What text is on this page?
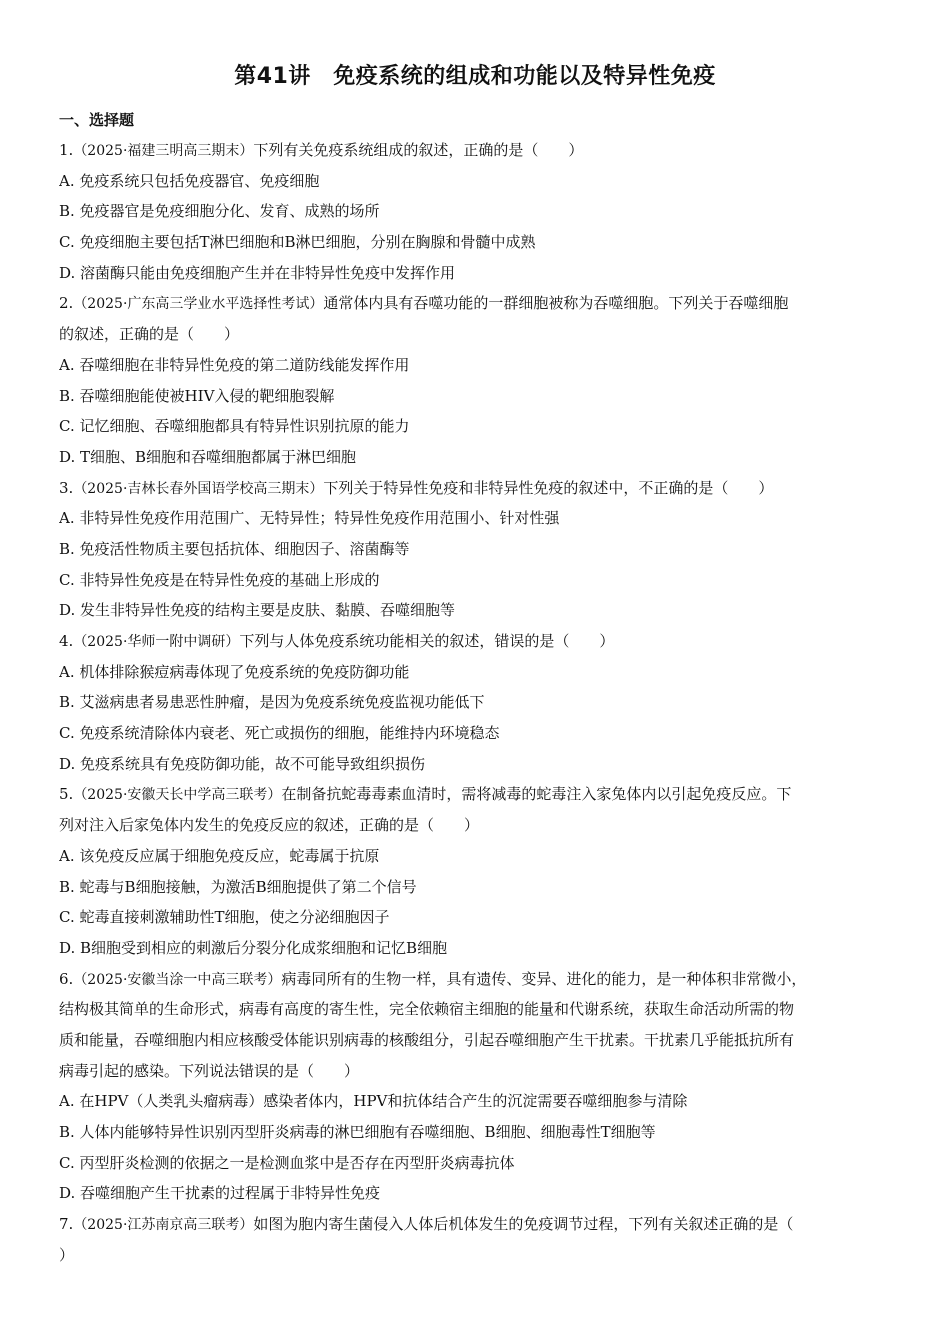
第41讲　免疫系统的组成和功能以及特异性免疫
一、选择题
1.（2025·福建三明高三期末）下列有关免疫系统组成的叙述，正确的是（　　）
A. 免疫系统只包括免疫器官、免疫细胞
B. 免疫器官是免疫细胞分化、发育、成熟的场所
C. 免疫细胞主要包括T淋巴细胞和B淋巴细胞，分别在胸腺和骨髓中成熟
D. 溶菌酶只能由免疫细胞产生并在非特异性免疫中发挥作用
2.（2025·广东高三学业水平选择性考试）通常体内具有吞噬功能的一群细胞被称为吞噬细胞。下列关于吞噬细胞
的叙述，正确的是（　　）
A. 吞噬细胞在非特异性免疫的第二道防线能发挥作用
B. 吞噬细胞能使被HIV入侵的靶细胞裂解
C. 记忆细胞、吞噬细胞都具有特异性识别抗原的能力
D. T细胞、B细胞和吞噬细胞都属于淋巴细胞
3.（2025·吉林长春外国语学校高三期末）下列关于特异性免疫和非特异性免疫的叙述中，不正确的是（　　）
A. 非特异性免疫作用范围广、无特异性；特异性免疫作用范围小、针对性强
B. 免疫活性物质主要包括抗体、细胞因子、溶菌酶等
C. 非特异性免疫是在特异性免疫的基础上形成的
D. 发生非特异性免疫的结构主要是皮肤、黏膜、吞噬细胞等
4.（2025·华师一附中调研）下列与人体免疫系统功能相关的叙述，错误的是（　　）
A. 机体排除猴痘病毒体现了免疫系统的免疫防御功能
B. 艾滋病患者易患恶性肿瘤，是因为免疫系统免疫监视功能低下
C. 免疫系统清除体内衰老、死亡或损伤的细胞，能维持内环境稳态
D. 免疫系统具有免疫防御功能，故不可能导致组织损伤
5.（2025·安徽天长中学高三联考）在制备抗蛇毒毒素血清时，需将减毒的蛇毒注入家兔体内以引起免疫反应。下
列对注入后家兔体内发生的免疫反应的叙述，正确的是（　　）
A. 该免疫反应属于细胞免疫反应，蛇毒属于抗原
B. 蛇毒与B细胞接触，为激活B细胞提供了第二个信号
C. 蛇毒直接刺激辅助性T细胞，使之分泌细胞因子
D. B细胞受到相应的刺激后分裂分化成浆细胞和记忆B细胞
6.（2025·安徽当涂一中高三联考）病毒同所有的生物一样，具有遗传、变异、进化的能力，是一种体积非常微小，
结构极其简单的生命形式，病毒有高度的寄生性，完全依赖宿主细胞的能量和代谢系统，获取生命活动所需的物
质和能量，吞噬细胞内相应核酸受体能识别病毒的核酸组分，引起吞噬细胞产生干扰素。干扰素几乎能抵抗所有
病毒引起的感染。下列说法错误的是（　　）
A. 在HPV（人类乳头瘤病毒）感染者体内，HPV和抗体结合产生的沉淀需要吞噬细胞参与清除
B. 人体内能够特异性识别丙型肝炎病毒的淋巴细胞有吞噬细胞、B细胞、细胞毒性T细胞等
C. 丙型肝炎检测的依据之一是检测血浆中是否存在丙型肝炎病毒抗体
D. 吞噬细胞产生干扰素的过程属于非特异性免疫
7.（2025·江苏南京高三联考）如图为胞内寄生菌侵入人体后机体发生的免疫调节过程，下列有关叙述正确的是（
）
